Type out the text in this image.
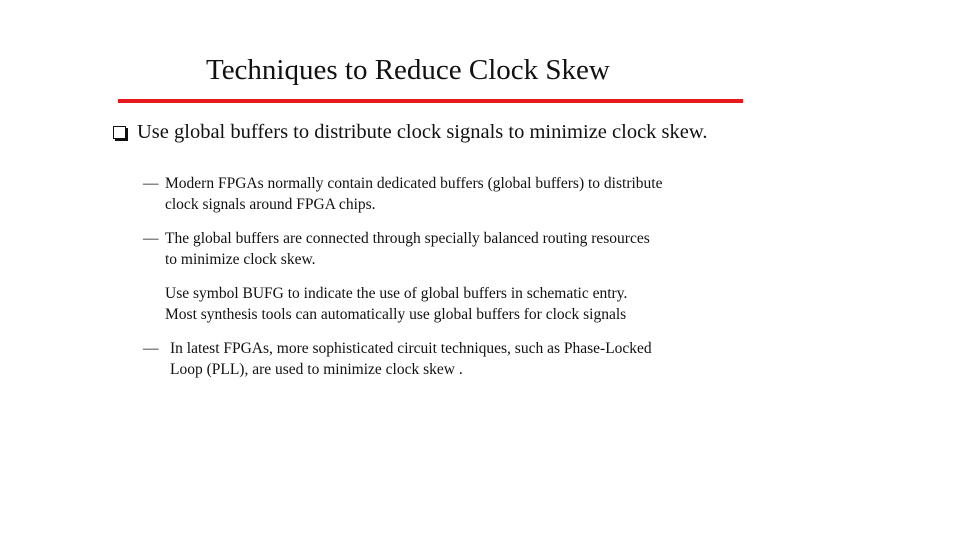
Techniques to Reduce Clock Skew
Use global buffers to distribute clock signals to minimize clock skew.
— Modern FPGAs normally contain dedicated buffers (global buffers) to distribute
clock signals around FPGA chips.
— The global buffers are connected through specially balanced routing resources
to minimize clock skew.
Use symbol BUFG to indicate the use of global buffers in schematic entry.
Most synthesis tools can automatically use global buffers for clock signals
— In latest FPGAs, more sophisticated circuit techniques, such as Phase-Locked
Loop (PLL), are used to minimize clock skew .
